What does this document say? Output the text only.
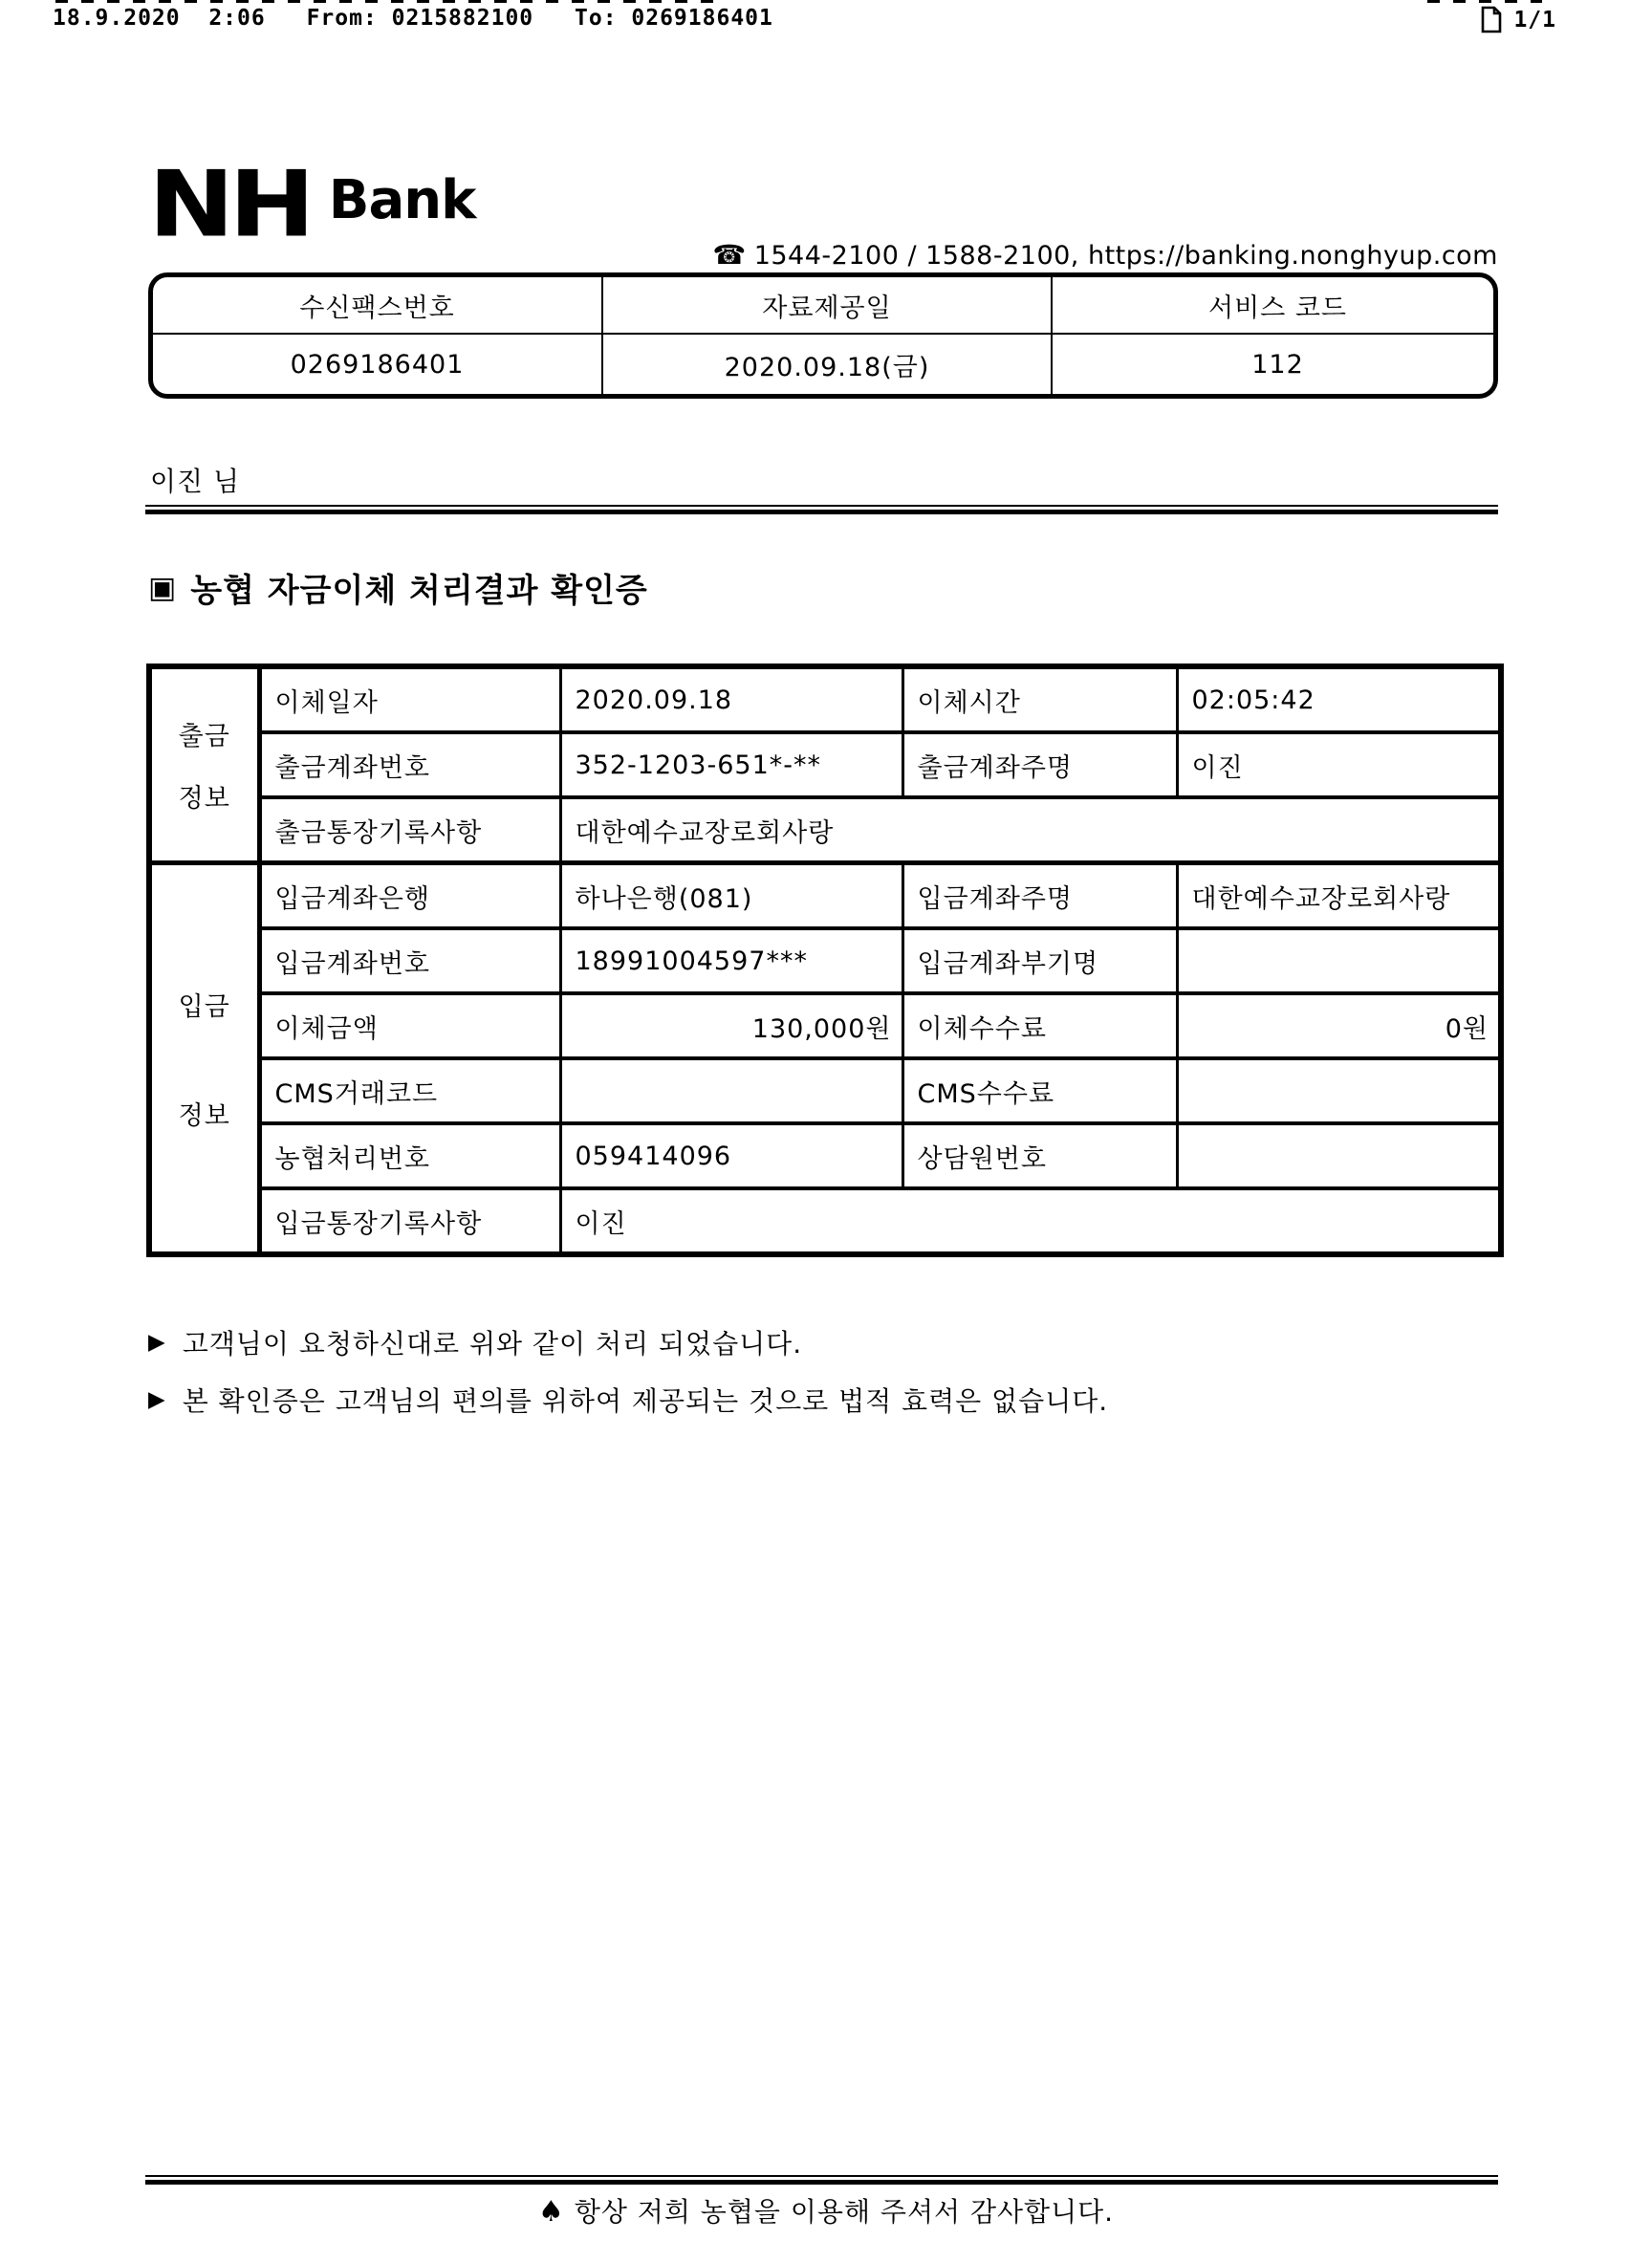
18.9.2020  2:06 From: 0215882100 To: 0269186401	1/1
NH Bank
☎ 1544-2100 / 1588-2100, https://banking.nonghyup.com
수신팩스번호	자료제공일	서비스 코드
0269186401	2020.09.18(금)	112
이진 님
▣ 농협 자금이체 처리결과 확인증
출금
정보	이체일자	2020.09.18	이체시간	02:05:42
	출금계좌번호	352-1203-651*-**	출금계좌주명	이진
	출금통장기록사항	대한예수교장로회사랑		

입금
정보	입금계좌은행	하나은행(081)	입금계좌주명	대한예수교장로회사랑
	입금계좌번호	18991004597***	입금계좌부기명	
	이체금액	130,000원	이체수수료	0원
	CMS거래코드		CMS수수료	
	농협처리번호	059414096	상담원번호	
	입금통장기록사항	이진		
▶ 고객님이 요청하신대로 위와 같이 처리 되었습니다.
▶ 본 확인증은 고객님의 편의를 위하여 제공되는 것으로 법적 효력은 없습니다.
♠ 항상 저희 농협을 이용해 주셔서 감사합니다.
